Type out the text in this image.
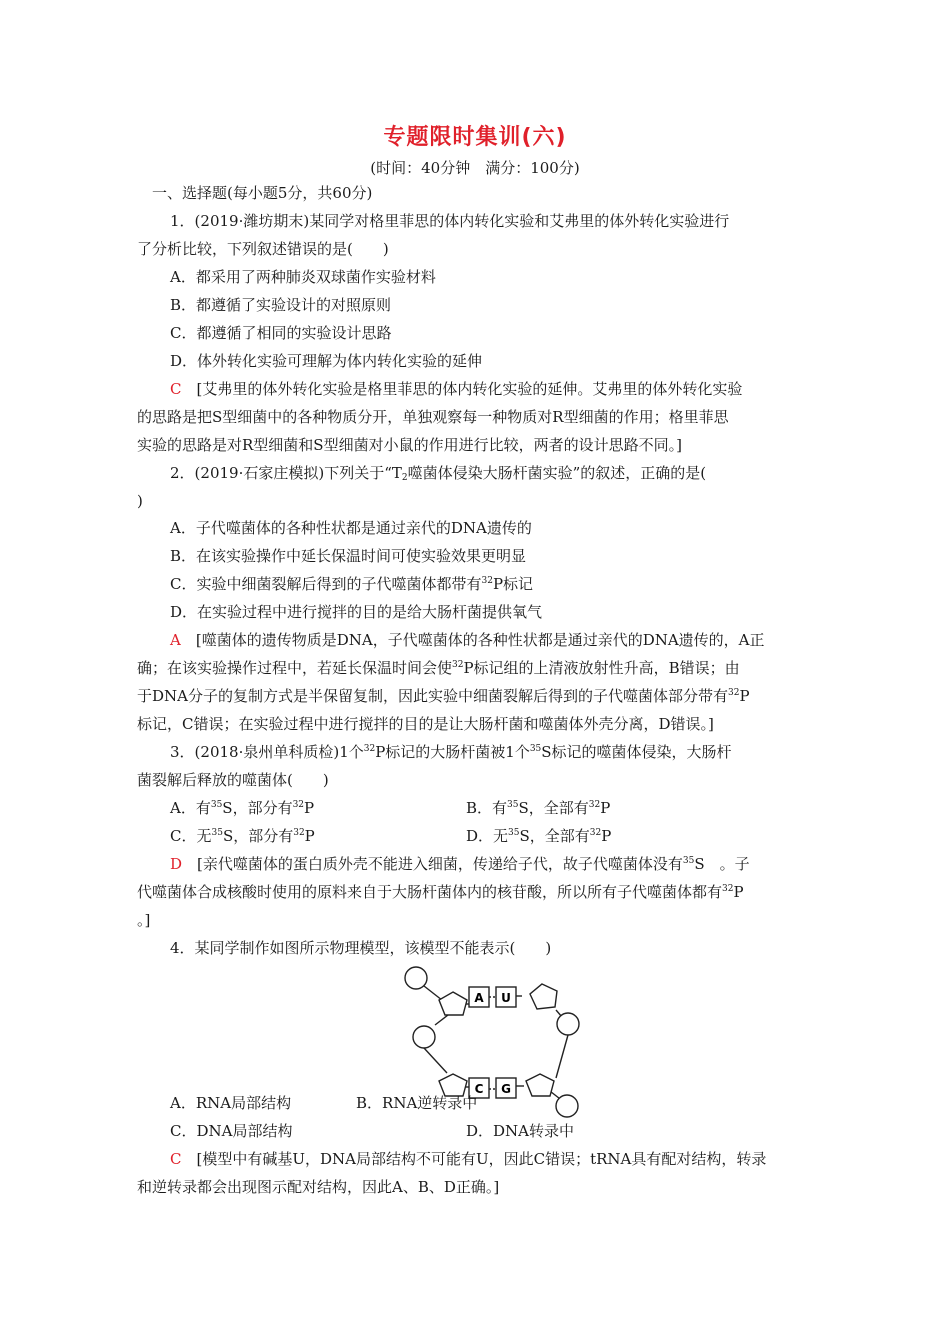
专题限时集训(六)
(时间：40分钟　满分：100分)
一、选择题(每小题5分，共60分)
1．(2019·潍坊期末)某同学对格里菲思的体内转化实验和艾弗里的体外转化实验进行
了分析比较，下列叙述错误的是(　　)
A．都采用了两种肺炎双球菌作实验材料
B．都遵循了实验设计的对照原则
C．都遵循了相同的实验设计思路
D．体外转化实验可理解为体内转化实验的延伸
C　 [艾弗里的体外转化实验是格里菲思的体内转化实验的延伸。艾弗里的体外转化实验
的思路是把S型细菌中的各种物质分开，单独观察每一种物质对R型细菌的作用；格里菲思
实验的思路是对R型细菌和S型细菌对小鼠的作用进行比较，两者的设计思路不同。]
2．(2019·石家庄模拟)下列关于“$T_2$噬菌体侵染大肠杆菌实验”的叙述，正确的是(
)
A．子代噬菌体的各种性状都是通过亲代的DNA遗传的
B．在该实验操作中延长保温时间可使实验效果更明显
C．实验中细菌裂解后得到的子代噬菌体都带有$^{32}$P标记
D．在实验过程中进行搅拌的目的是给大肠杆菌提供氧气
A　 [噬菌体的遗传物质是DNA，子代噬菌体的各种性状都是通过亲代的DNA遗传的，A正
确；在该实验操作过程中，若延长保温时间会使$^{32}$P标记组的上清液放射性升高，B错误；由
于DNA分子的复制方式是半保留复制，因此实验中细菌裂解后得到的子代噬菌体部分带有$^{32}$P
标记，C错误；在实验过程中进行搅拌的目的是让大肠杆菌和噬菌体外壳分离，D错误。]
3．(2018·泉州单科质检)1个$^{32}$P标记的大肠杆菌被1个$^{35}$S标记的噬菌体侵染，大肠杆
菌裂解后释放的噬菌体(　　)
A．有$^{35}$S，部分有$^{32}$P	B．有$^{35}$S，全部有$^{32}$P
C．无$^{35}$S，部分有$^{32}$P	D．无$^{35}$S，全部有$^{32}$P
D　 [亲代噬菌体的蛋白质外壳不能进入细菌，传递给子代，故子代噬菌体没有$^{35}$S　。子
代噬菌体合成核酸时使用的原料来自于大肠杆菌体内的核苷酸，所以所有子代噬菌体都有$^{32}$P
。]
4．某同学制作如图所示物理模型，该模型不能表示(　　)
A U
C G
A．RNA局部结构	B．RNA逆转录中
C．DNA局部结构	D．DNA转录中
C　 [模型中有碱基U，DNA局部结构不可能有U，因此C错误；tRNA具有配对结构，转录
和逆转录都会出现图示配对结构，因此A、B、D正确。]
